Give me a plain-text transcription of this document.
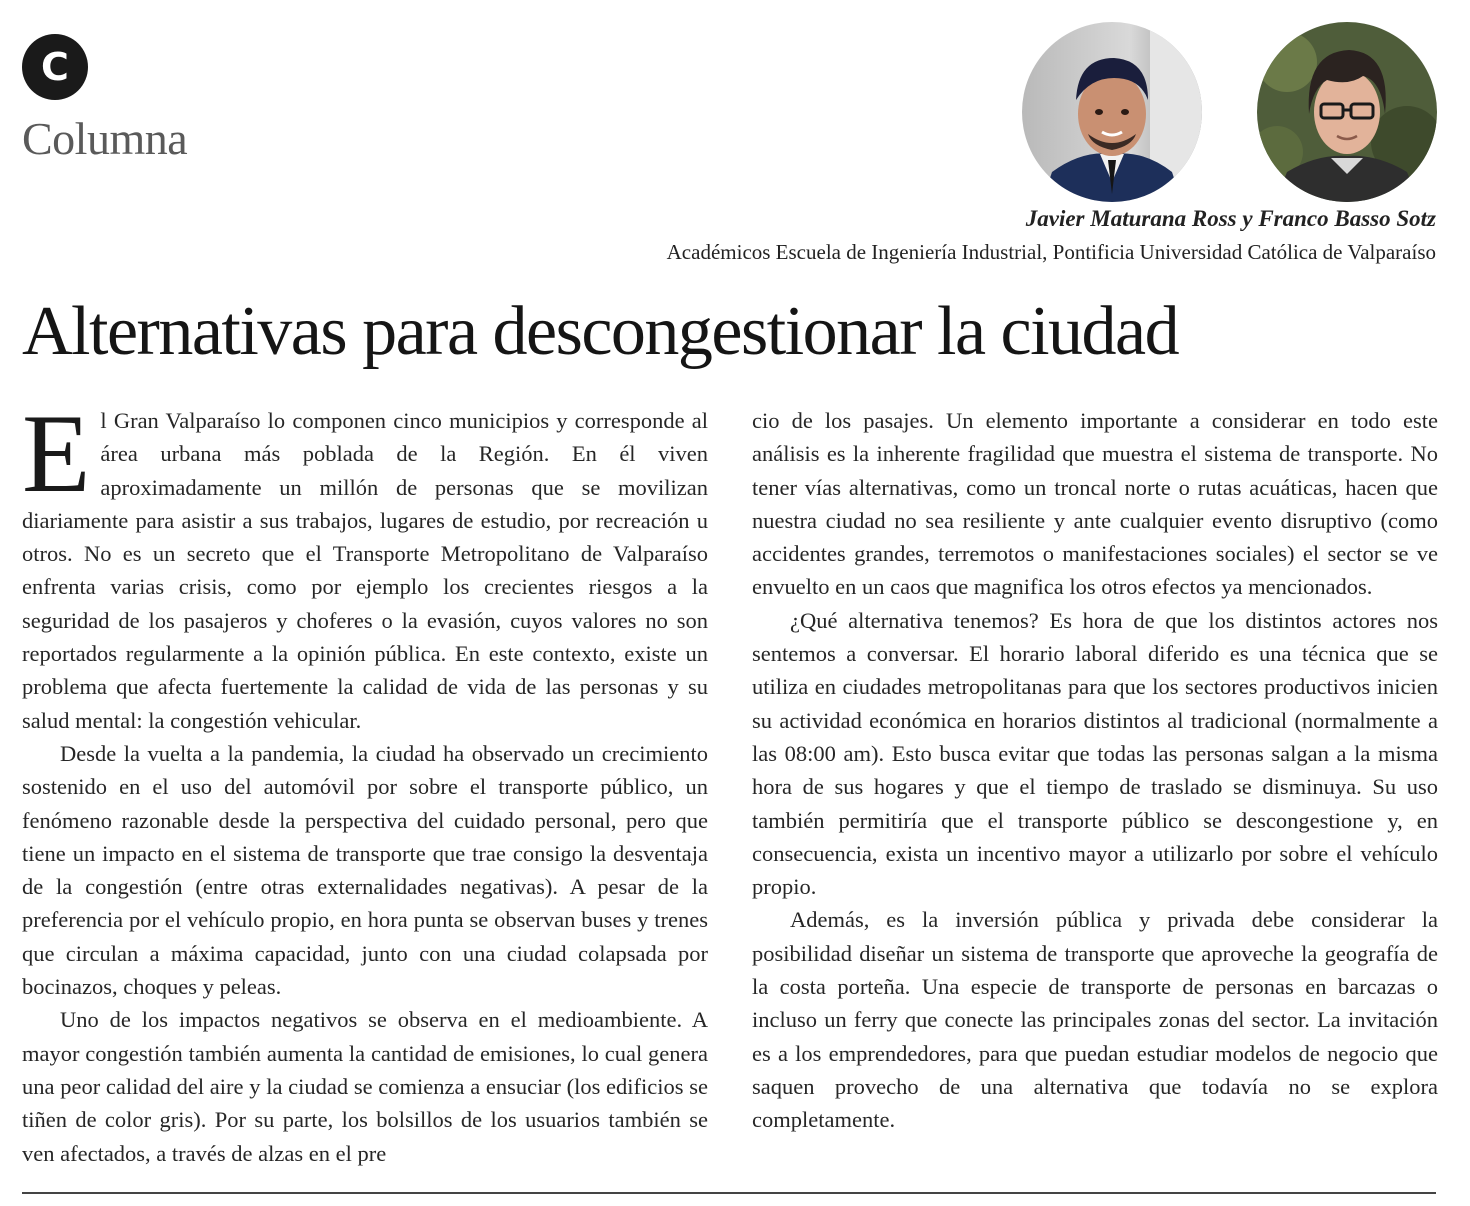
C
Columna
Javier Maturana Ross y Franco Basso Sotz
Académicos Escuela de Ingeniería Industrial, Pontificia Universidad Católica de Valparaíso
Alternativas para descongestionar la ciudad

El Gran Valparaíso lo componen cinco municipios y corresponde al área urbana más poblada de la Región. En él viven aproximadamente un millón de personas que se movilizan diariamente para asistir a sus trabajos, lugares de estudio, por recreación u otros. No es un secreto que el Transporte Metropolitano de Valparaíso enfrenta varias crisis, como por ejemplo los crecientes riesgos a la seguridad de los pasajeros y choferes o la evasión, cuyos valores no son reportados regularmente a la opinión pública. En este contexto, existe un problema que afecta fuertemente la calidad de vida de las personas y su salud mental: la congestión vehicular.

Desde la vuelta a la pandemia, la ciudad ha observado un crecimiento sostenido en el uso del automóvil por sobre el transporte público, un fenómeno razonable desde la perspectiva del cuidado personal, pero que tiene un impacto en el sistema de transporte que trae consigo la desventaja de la congestión (entre otras externalidades negativas). A pesar de la preferencia por el vehículo propio, en hora punta se observan buses y trenes que circulan a máxima capacidad, junto con una ciudad colapsada por bocinazos, choques y peleas.

Uno de los impactos negativos se observa en el medioambiente. A mayor congestión también aumenta la cantidad de emisiones, lo cual genera una peor calidad del aire y la ciudad se comienza a ensuciar (los edificios se tiñen de color gris). Por su parte, los bolsillos de los usuarios también se ven afectados, a través de alzas en el pre

cio de los pasajes. Un elemento importante a considerar en todo este análisis es la inherente fragilidad que muestra el sistema de transporte. No tener vías alternativas, como un troncal norte o rutas acuáticas, hacen que nuestra ciudad no sea resiliente y ante cualquier evento disruptivo (como accidentes grandes, terremotos o manifestaciones sociales) el sector se ve envuelto en un caos que magnifica los otros efectos ya mencionados.

¿Qué alternativa tenemos? Es hora de que los distintos actores nos sentemos a conversar. El horario laboral diferido es una técnica que se utiliza en ciudades metropolitanas para que los sectores productivos inicien su actividad económica en horarios distintos al tradicional (normalmente a las 08:00 am). Esto busca evitar que todas las personas salgan a la misma hora de sus hogares y que el tiempo de traslado se disminuya. Su uso también permitiría que el transporte público se descongestione y, en consecuencia, exista un incentivo mayor a utilizarlo por sobre el vehículo propio.

Además, es la inversión pública y privada debe considerar la posibilidad diseñar un sistema de transporte que aproveche la geografía de la costa porteña. Una especie de transporte de personas en barcazas o incluso un ferry que conecte las principales zonas del sector. La invitación es a los emprendedores, para que puedan estudiar modelos de negocio que saquen provecho de una alternativa que todavía no se explora completamente.
